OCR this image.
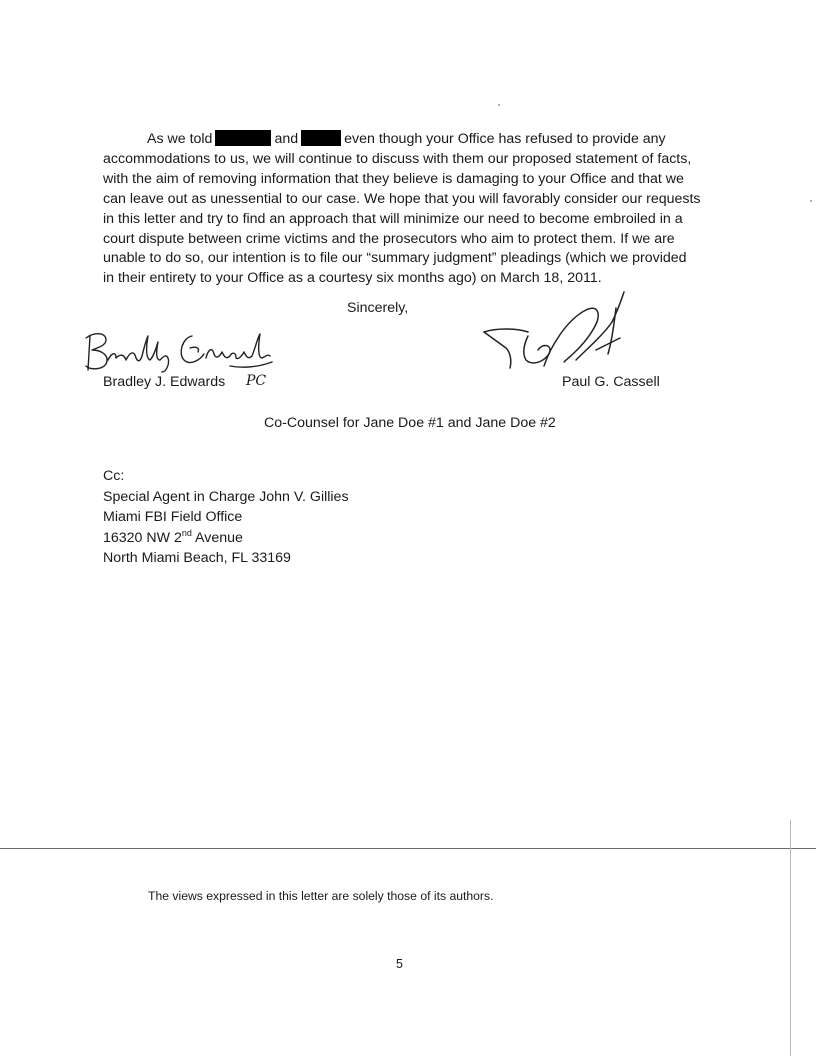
As we told	and	even though your Office has refused to provide any
accommodations to us, we will continue to discuss with them our proposed statement of facts,
with the aim of removing information that they believe is damaging to your Office and that we
can leave out as unessential to our case. We hope that you will favorably consider our requests
in this letter and try to find an approach that will minimize our need to become embroiled in a
court dispute between crime victims and the prosecutors who aim to protect them. If we are
unable to do so, our intention is to file our “summary judgment” pleadings (which we provided
in their entirety to your Office as a courtesy six months ago) on March 18, 2011.

Sincerely,
Bradley J. Edwards PC	Paul G. Cassell
Co-Counsel for Jane Doe #1 and Jane Doe #2
Cc:
Special Agent in Charge John V. Gillies
Miami FBI Field Office
16320 NW 2nd Avenue
North Miami Beach, FL 33169
The views expressed in this letter are solely those of its authors.
5
